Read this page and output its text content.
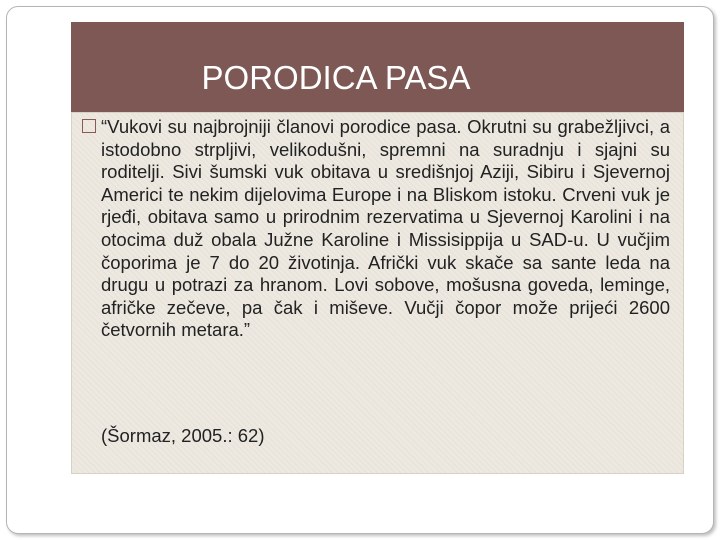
PORODICA PASA
“Vukovi su najbrojniji članovi porodice pasa. Okrutni su grabežljivci, a istodobno strpljivi, velikodušni, spremni na suradnju i sjajni su roditelji. Sivi šumski vuk obitava u središnjoj Aziji, Sibiru i Sjevernoj Americi te nekim dijelovima Europe i na Bliskom istoku. Crveni vuk je rjeđi, obitava samo u prirodnim rezervatima u Sjevernoj Karolini i na otocima duž obala Južne Karoline i Missisippija u SAD-u. U vučjim čoporima je 7 do 20 životinja. Afrički vuk skače sa sante leda na drugu u potrazi za hranom. Lovi sobove, mošusna goveda, leminge, afričke zečeve, pa čak i miševe. Vučji čopor može prijeći 2600 četvornih metara.”
(Šormaz, 2005.: 62)
